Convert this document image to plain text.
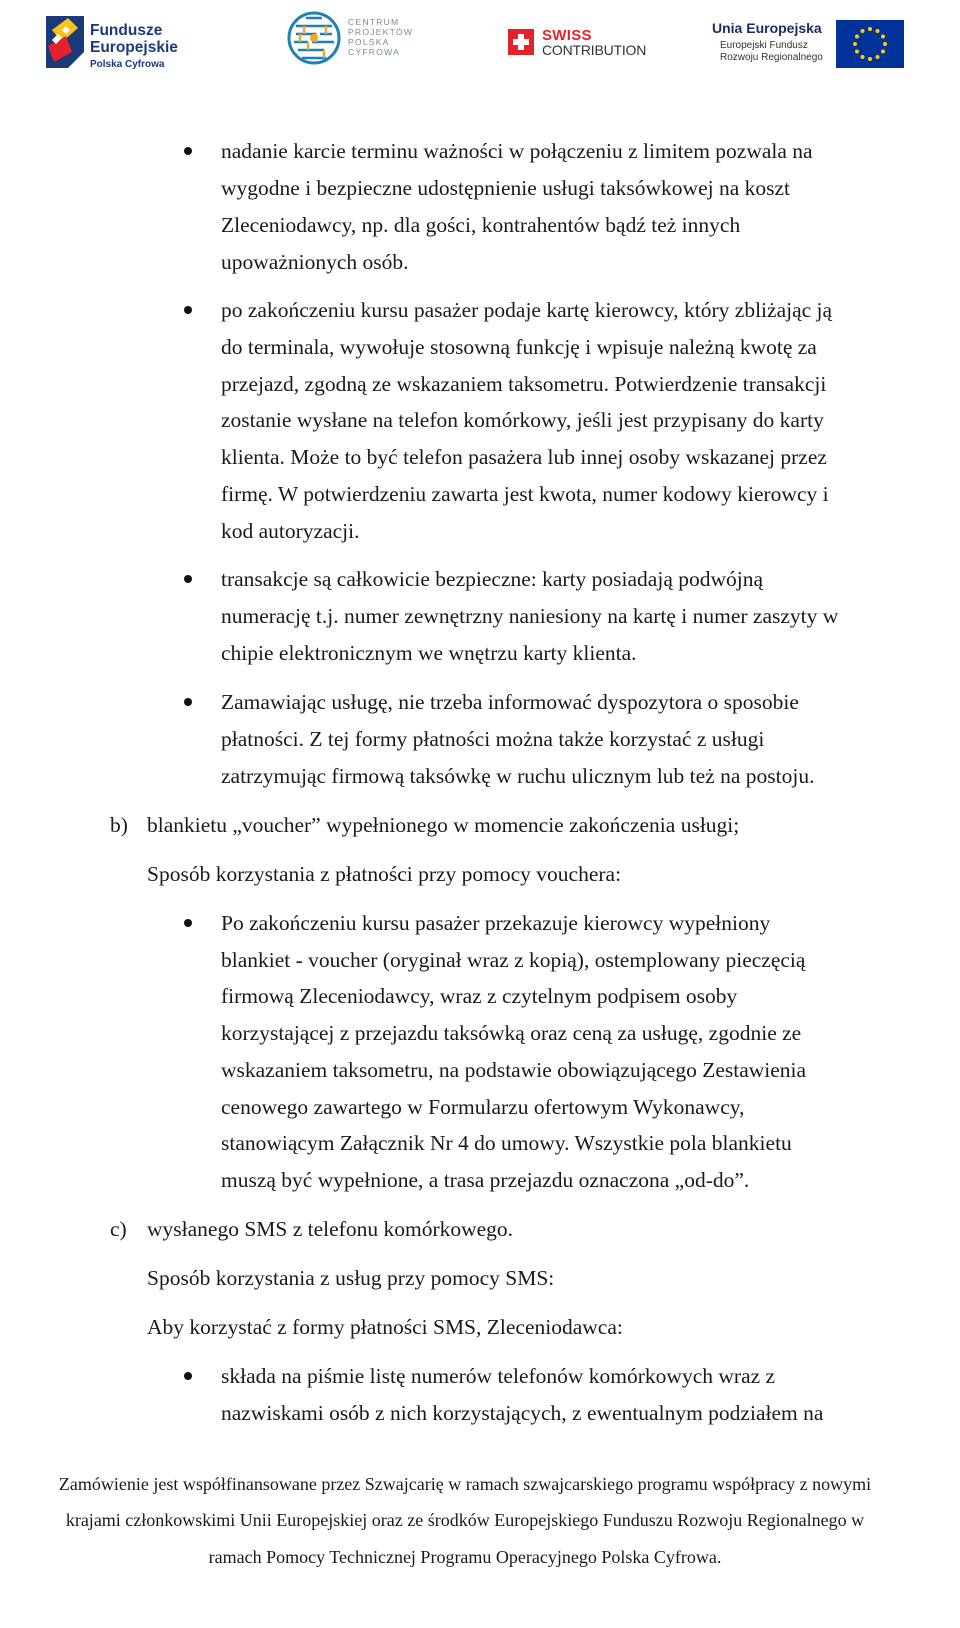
Fundusze
Europejskie
Polska Cyfrowa
CENTRUM
PROJEKTÓW
POLSKA
CYFROWA
SWISS
CONTRIBUTION
Unia Europejska
Europejski Fundusz
Rozwoju Regionalnego
nadanie karcie terminu ważności w połączeniu z limitem pozwala na
wygodne i bezpieczne udostępnienie usługi taksówkowej na koszt
Zleceniodawcy, np. dla gości, kontrahentów bądź też innych
upoważnionych osób.
po zakończeniu kursu pasażer podaje kartę kierowcy, który zbliżając ją
do terminala, wywołuje stosowną funkcję i wpisuje należną kwotę za
przejazd, zgodną ze wskazaniem taksometru. Potwierdzenie transakcji
zostanie wysłane na telefon komórkowy, jeśli jest przypisany do karty
klienta. Może to być telefon pasażera lub innej osoby wskazanej przez
firmę. W potwierdzeniu zawarta jest kwota, numer kodowy kierowcy i
kod autoryzacji.
transakcje są całkowicie bezpieczne: karty posiadają podwójną
numerację t.j. numer zewnętrzny naniesiony na kartę i numer zaszyty w
chipie elektronicznym we wnętrzu karty klienta.
Zamawiając usługę, nie trzeba informować dyspozytora o sposobie
płatności. Z tej formy płatności można także korzystać z usługi
zatrzymując firmową taksówkę w ruchu ulicznym lub też na postoju.
b) blankietu „voucher” wypełnionego w momencie zakończenia usługi;
Sposób korzystania z płatności przy pomocy vouchera:
Po zakończeniu kursu pasażer przekazuje kierowcy wypełniony
blankiet - voucher (oryginał wraz z kopią), ostemplowany pieczęcią
firmową Zleceniodawcy, wraz z czytelnym podpisem osoby
korzystającej z przejazdu taksówką oraz ceną za usługę, zgodnie ze
wskazaniem taksometru, na podstawie obowiązującego Zestawienia
cenowego zawartego w Formularzu ofertowym Wykonawcy,
stanowiącym Załącznik Nr 4 do umowy. Wszystkie pola blankietu
muszą być wypełnione, a trasa przejazdu oznaczona „od-do”.
c) wysłanego SMS z telefonu komórkowego.
Sposób korzystania z usług przy pomocy SMS:
Aby korzystać z formy płatności SMS, Zleceniodawca:
składa na piśmie listę numerów telefonów komórkowych wraz z
nazwiskami osób z nich korzystających, z ewentualnym podziałem na
Zamówienie jest współfinansowane przez Szwajcarię w ramach szwajcarskiego programu współpracy z nowymi
krajami członkowskimi Unii Europejskiej oraz ze środków Europejskiego Funduszu Rozwoju Regionalnego w
ramach Pomocy Technicznej Programu Operacyjnego Polska Cyfrowa.
